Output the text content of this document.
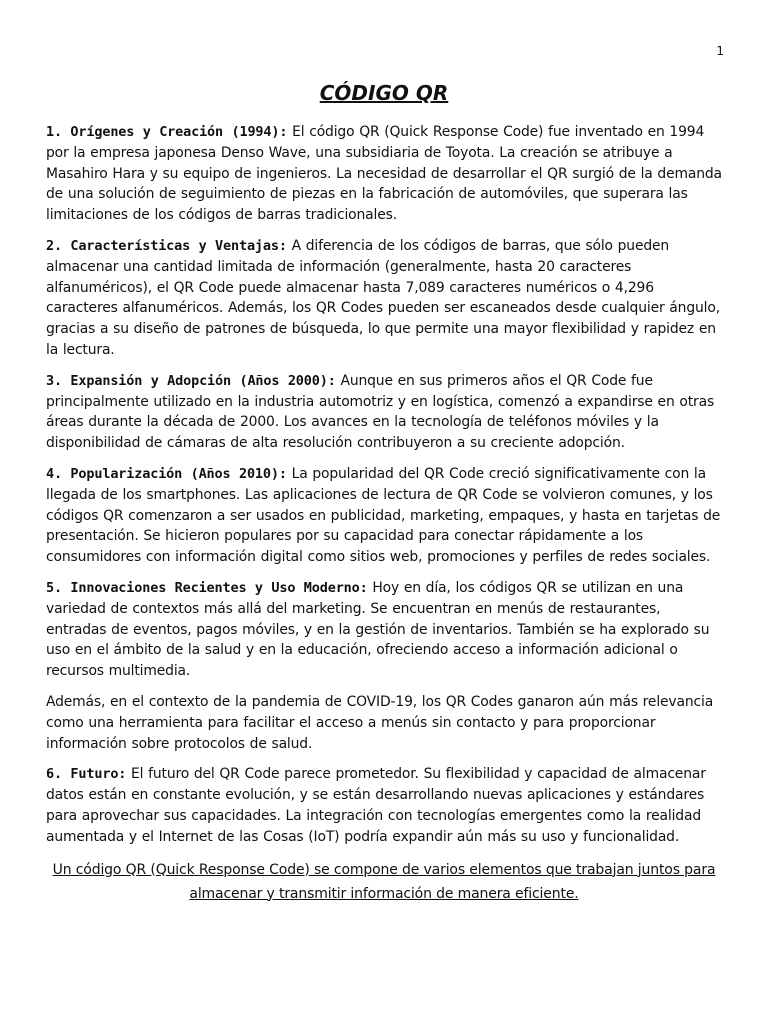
1
CÓDIGO QR

1. Orígenes y Creación (1994): El código QR (Quick Response Code) fue inventado en 1994 por la empresa japonesa Denso Wave, una subsidiaria de Toyota. La creación se atribuye a Masahiro Hara y su equipo de ingenieros. La necesidad de desarrollar el QR surgió de la demanda de una solución de seguimiento de piezas en la fabricación de automóviles, que superara las limitaciones de los códigos de barras tradicionales.

2. Características y Ventajas: A diferencia de los códigos de barras, que sólo pueden almacenar una cantidad limitada de información (generalmente, hasta 20 caracteres alfanuméricos), el QR Code puede almacenar hasta 7,089 caracteres numéricos o 4,296 caracteres alfanuméricos. Además, los QR Codes pueden ser escaneados desde cualquier ángulo, gracias a su diseño de patrones de búsqueda, lo que permite una mayor flexibilidad y rapidez en la lectura.

3. Expansión y Adopción (Años 2000): Aunque en sus primeros años el QR Code fue principalmente utilizado en la industria automotriz y en logística, comenzó a expandirse en otras áreas durante la década de 2000. Los avances en la tecnología de teléfonos móviles y la disponibilidad de cámaras de alta resolución contribuyeron a su creciente adopción.

4. Popularización (Años 2010): La popularidad del QR Code creció significativamente con la llegada de los smartphones. Las aplicaciones de lectura de QR Code se volvieron comunes, y los códigos QR comenzaron a ser usados en publicidad, marketing, empaques, y hasta en tarjetas de presentación. Se hicieron populares por su capacidad para conectar rápidamente a los consumidores con información digital como sitios web, promociones y perfiles de redes sociales.

5. Innovaciones Recientes y Uso Moderno: Hoy en día, los códigos QR se utilizan en una variedad de contextos más allá del marketing. Se encuentran en menús de restaurantes, entradas de eventos, pagos móviles, y en la gestión de inventarios. También se ha explorado su uso en el ámbito de la salud y en la educación, ofreciendo acceso a información adicional o recursos multimedia.

Además, en el contexto de la pandemia de COVID-19, los QR Codes ganaron aún más relevancia como una herramienta para facilitar el acceso a menús sin contacto y para proporcionar información sobre protocolos de salud.

6. Futuro: El futuro del QR Code parece prometedor. Su flexibilidad y capacidad de almacenar datos están en constante evolución, y se están desarrollando nuevas aplicaciones y estándares para aprovechar sus capacidades. La integración con tecnologías emergentes como la realidad aumentada y el Internet de las Cosas (IoT) podría expandir aún más su uso y funcionalidad.

Un código QR (Quick Response Code) se compone de varios elementos que trabajan juntos para almacenar y transmitir información de manera eficiente.
